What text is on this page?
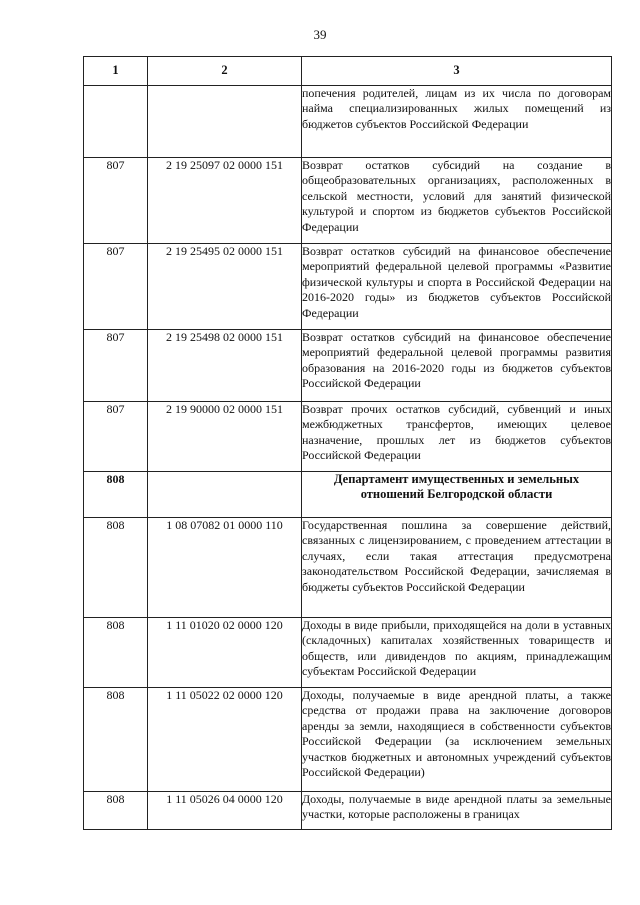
39
1	2	3
		попечения родителей, лицам из их числа по договорам найма специализированных жилых помещений из бюджетов субъектов Российской Федерации
807	2 19 25097 02 0000 151	Возврат остатков субсидий на создание в общеобразовательных организациях, расположенных в сельской местности, условий для занятий физической культурой и спортом из бюджетов субъектов Российской Федерации
807	2 19 25495 02 0000 151	Возврат остатков субсидий на финансовое обеспечение мероприятий федеральной целевой программы «Развитие физической культуры и спорта в Российской Федерации на 2016-2020 годы» из бюджетов субъектов Российской Федерации
807	2 19 25498 02 0000 151	Возврат остатков субсидий на финансовое обеспечение мероприятий федеральной целевой программы развития образования на 2016-2020 годы из бюджетов субъектов Российской Федерации
807	2 19 90000 02 0000 151	Возврат прочих остатков субсидий, субвенций и иных межбюджетных трансфертов, имеющих целевое назначение, прошлых лет из бюджетов субъектов Российской Федерации
808		Департамент имущественных и земельных отношений Белгородской области
808	1 08 07082 01 0000 110	Государственная пошлина за совершение действий, связанных с лицензированием, с проведением аттестации в случаях, если такая аттестация предусмотрена законодательством Российской Федерации, зачисляемая в бюджеты субъектов Российской Федерации
808	1 11 01020 02 0000 120	Доходы в виде прибыли, приходящейся на доли в уставных (складочных) капиталах хозяйственных товариществ и обществ, или дивидендов по акциям, принадлежащим субъектам Российской Федерации
808	1 11 05022 02 0000 120	Доходы, получаемые в виде арендной платы, а также средства от продажи права на заключение договоров аренды за земли, находящиеся в собственности субъектов Российской Федерации (за исключением земельных участков бюджетных и автономных учреждений субъектов Российской Федерации)
808	1 11 05026 04 0000 120	Доходы, получаемые в виде арендной платы за земельные участки, которые расположены в границах
